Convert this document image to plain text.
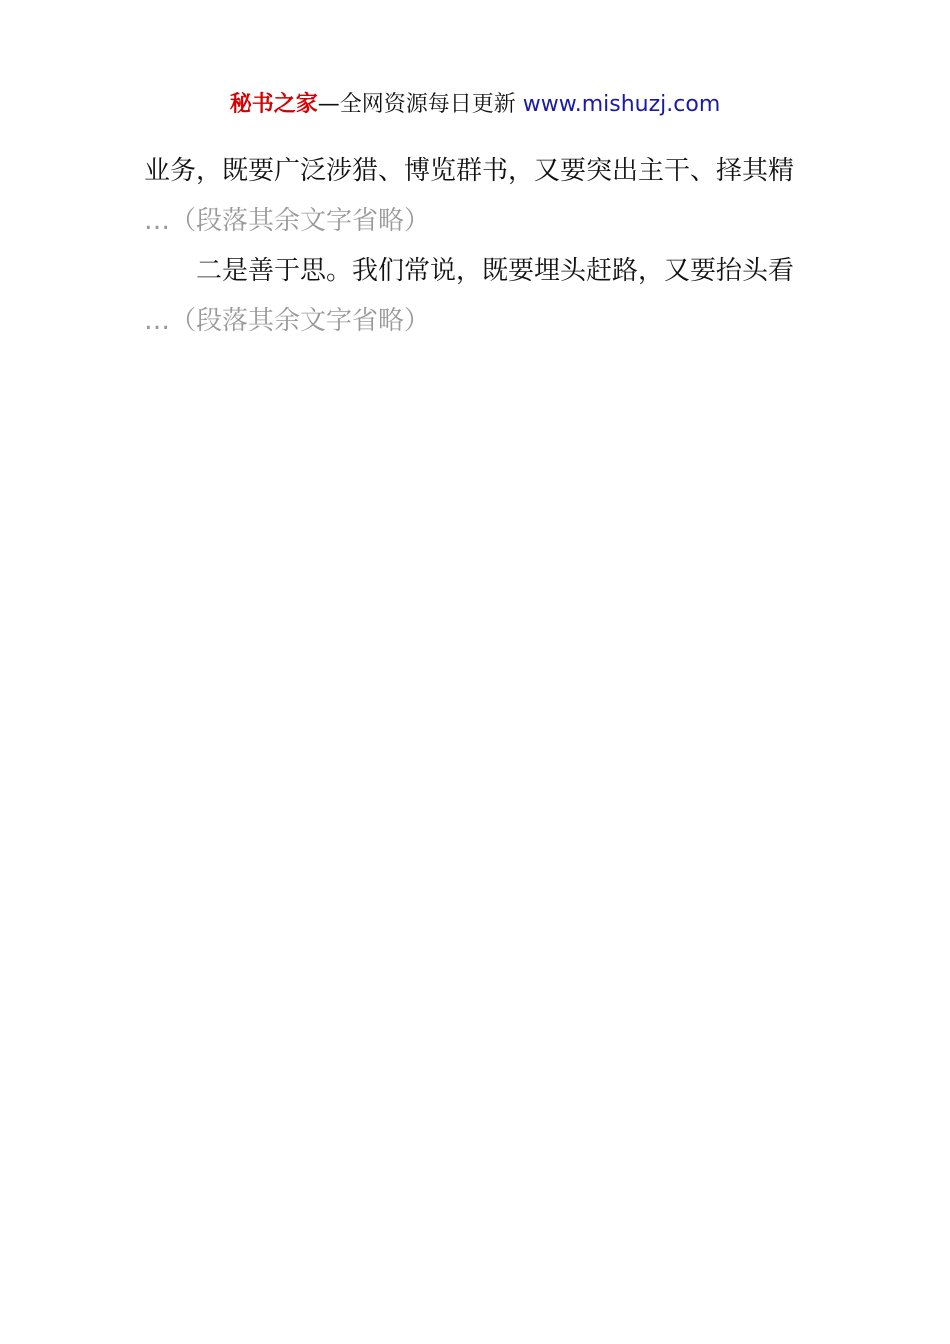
秘书之家—全网资源每日更新 www.mishuzj.com
业务，既要广泛涉猎、博览群书，又要突出主干、择其精
…（段落其余文字省略）
二是善于思。我们常说，既要埋头赶路，又要抬头看
…（段落其余文字省略）
